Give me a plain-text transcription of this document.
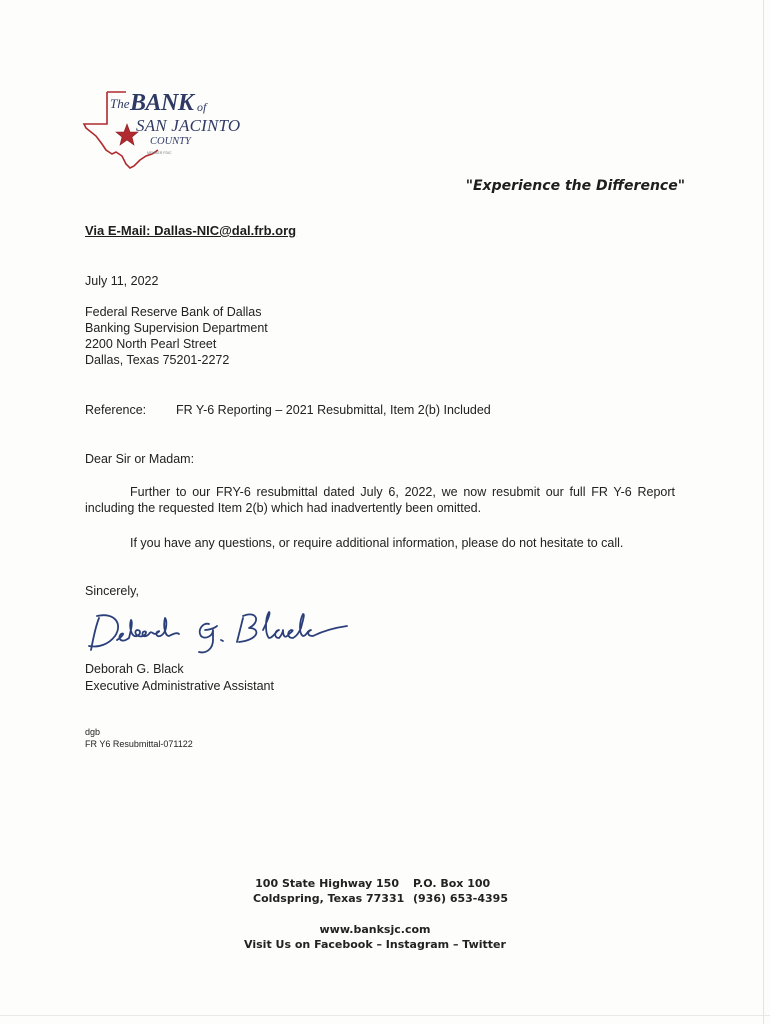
The BANK of
SAN JACINTO
COUNTY
MEMBER FDIC
"Experience the Difference"
Via E-Mail: Dallas-NIC@dal.frb.org
July 11, 2022
Federal Reserve Bank of Dallas
Banking Supervision Department
2200 North Pearl Street
Dallas, Texas 75201-2272
Reference: FR Y-6 Reporting – 2021 Resubmittal, Item 2(b) Included
Dear Sir or Madam:
Further to our FRY-6 resubmittal dated July 6, 2022, we now resubmit our full FR Y-6 Report including the requested Item 2(b) which had inadvertently been omitted.
If you have any questions, or require additional information, please do not hesitate to call.
Sincerely,
Deborah G. Black
Executive Administrative Assistant
dgb
FR Y6 Resubmittal-071122
100 State Highway 150 P.O. Box 100
Coldspring, Texas 77331 (936) 653-4395
www.banksjc.com
Visit Us on Facebook – Instagram – Twitter
